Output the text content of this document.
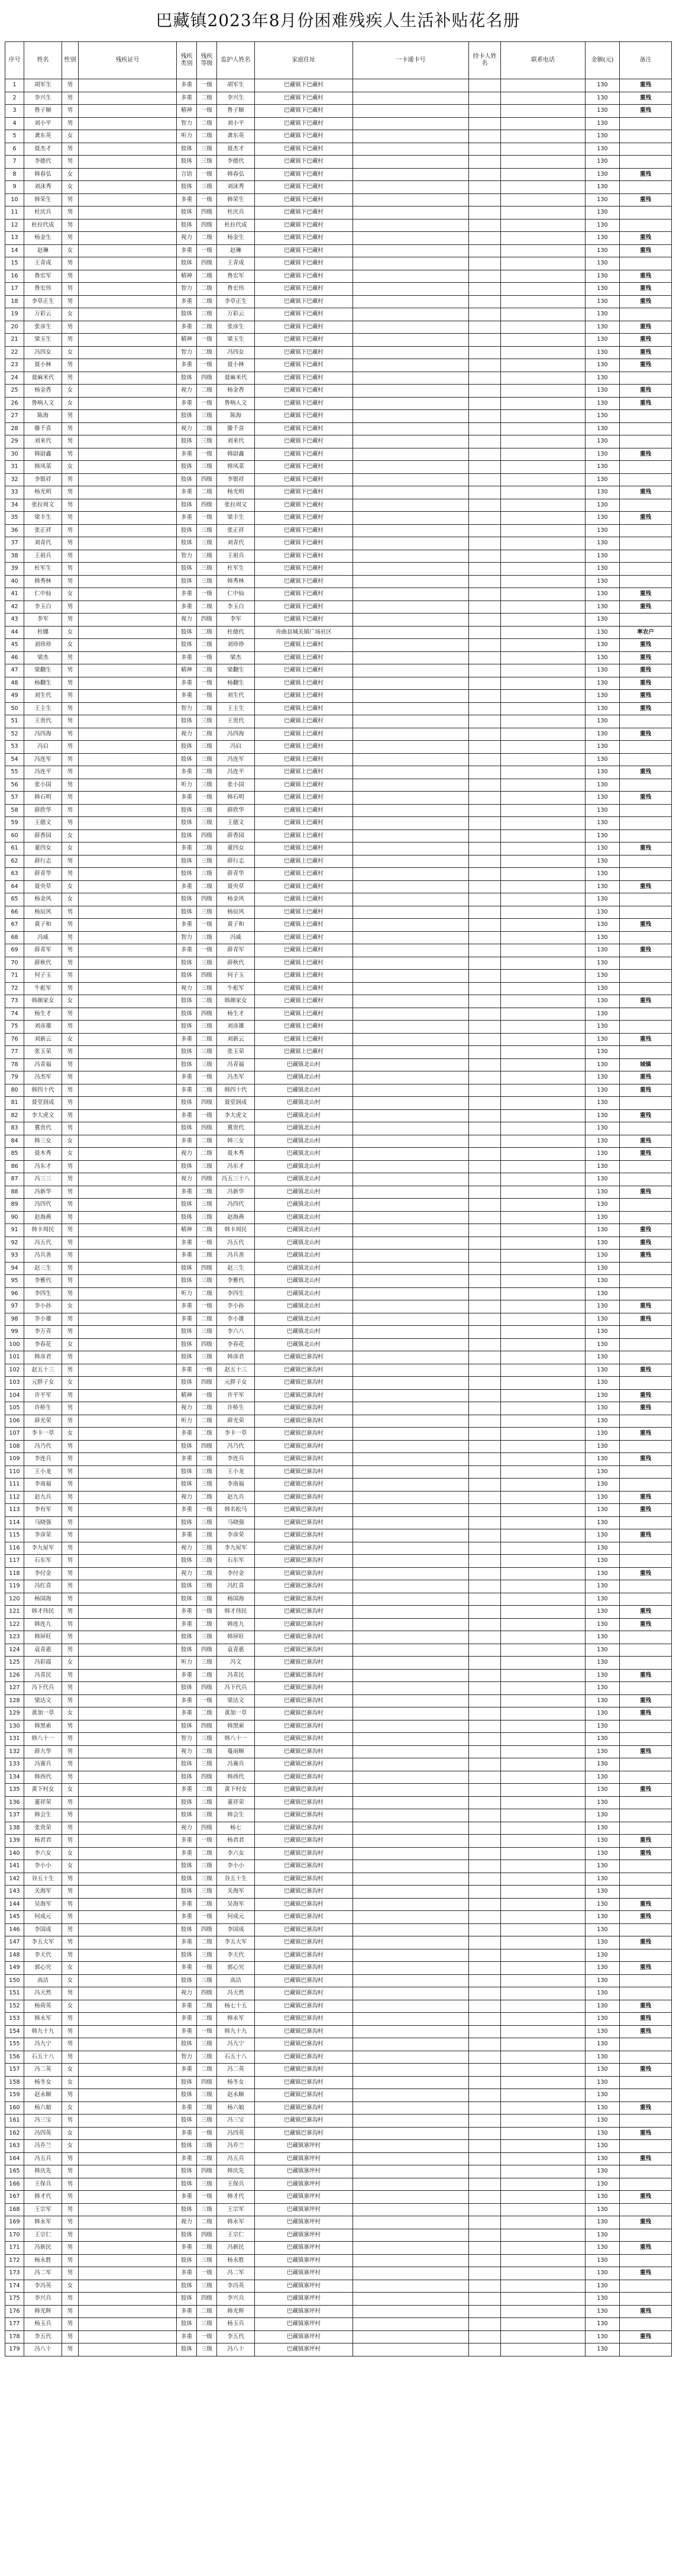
巴藏镇2023年8月份困难残疾人生活补贴花名册
序号	姓名	性别	残疾证号	残疾类别	残疾等级	监护人姓名	家庭住址	一卡通卡号	持卡人姓名	联系电话	金额(元)	备注
1	胡军生	男		多重	一级	胡军生	巴藏镇下巴藏村				130	重残
2	李兴生	男		多重	二级	李兴生	巴藏镇下巴藏村				130	重残
3	鲁子顺	男		精神	一级	鲁子顺	巴藏镇下巴藏村				130	重残
4	刘小平	男		智力	二级	刘小平	巴藏镇下巴藏村				130	
5	龚东英	女		听力	二级	龚东英	巴藏镇下巴藏村				130	
6	聂杰才	男		肢体	三级	聂杰才	巴藏镇下巴藏村				130	
7	李德代	男		肢体	三级	李德代	巴藏镇下巴藏村				130	
8	韩春弘	女		言语	一级	韩春弘	巴藏镇下巴藏村				130	重残
9	刘沫秀	女		肢体	三级	刘沫秀	巴藏镇下巴藏村				130	
10	韩荣生	男		多重	一级	韩荣生	巴藏镇下巴藏村				130	重残
11	杜庆兵	男		肢体	四级	杜庆兵	巴藏镇下巴藏村				130	
12	杜拉代成	男		肢体	四级	杜拉代成	巴藏镇下巴藏村				130	
13	杨金生	男		视力	二级	杨金生	巴藏镇下巴藏村				130	重残
14	赵琳	女		多重	一级	赵琳	巴藏镇下巴藏村				130	重残
15	王青成	男		肢体	四级	王青成	巴藏镇下巴藏村				130	
16	鲁宏军	男		精神	二级	鲁宏军	巴藏镇下巴藏村				130	重残
17	鲁宏伟	男		智力	二级	鲁宏伟	巴藏镇下巴藏村				130	重残
18	李草正生	男		多重	二级	李草正生	巴藏镇下巴藏村				130	重残
19	万彩云	女		肢体	三级	万彩云	巴藏镇下巴藏村				130	
20	张彦生	男		多重	二级	张彦生	巴藏镇下巴藏村				130	重残
21	梁玉生	男		精神	一级	梁玉生	巴藏镇下巴藏村				130	重残
22	冯四女	女		智力	二级	冯四女	巴藏镇下巴藏村				130	重残
23	聂小林	男		多重	一级	聂小林	巴藏镇下巴藏村				130	重残
24	聂麻米代	男		肢体	四级	聂麻米代	巴藏镇下巴藏村				130	
25	杨金香	女		视力	二级	杨金香	巴藏镇下巴藏村				130	重残
26	鲁响人文	女		多重	一级	鲁响人文	巴藏镇下巴藏村				130	重残
27	陈海	男		肢体	三级	陈海	巴藏镇下巴藏村				130	
28	滕千喜	男		视力	二级	滕千喜	巴藏镇下巴藏村				130	
29	刘来代	男		肢体	三级	刘来代	巴藏镇下巴藏村				130	
30	韩尉鑫	男		多重	一级	韩尉鑫	巴藏镇下巴藏村				130	重残
31	韩凤菜	女		肢体	三级	韩凤菜	巴藏镇下巴藏村				130	
32	李银祥	男		肢体	四级	李银祥	巴藏镇下巴藏村				130	
33	杨光明	男		多重	二级	杨光明	巴藏镇下巴藏村				130	重残
34	张拉周文	男		肢体	四级	张拉周文	巴藏镇下巴藏村				130	
35	梁丰生	男		多重	一级	梁丰生	巴藏镇下巴藏村				130	重残
36	张正祥	男		肢体	三级	张正祥	巴藏镇下巴藏村				130	
37	刘青代	男		肢体	三级	刘青代	巴藏镇下巴藏村				130	
38	王祖兵	男		智力	三级	王祖兵	巴藏镇下巴藏村				130	
39	杜军生	男		肢体	三级	杜军生	巴藏镇下巴藏村				130	
40	韩秀林	男		肢体	三级	韩秀林	巴藏镇下巴藏村				130	
41	仁中仙	女		多重	一级	仁中仙	巴藏镇下巴藏村				130	重残
42	李玉白	男		多重	二级	李玉白	巴藏镇下巴藏村				130	重残
43	李军	男		视力	四级	李军	巴藏镇下巴藏村				130	
44	杜娜	女		肢体	二级	杜德代	舟曲县城关镇广场社区				130	率农户
45	刘珍珍	女		肢体	二级	刘珍珍	巴藏镇上巴藏村				130	重残
46	梁杰	男		多重	一级	梁杰	巴藏镇上巴藏村				130	重残
47	梁翻生	男		精神	二级	梁翻生	巴藏镇上巴藏村				130	重残
48	杨翻生	男		多重	一级	杨翻生	巴藏镇上巴藏村				130	重残
49	刘生代	男		多重	一级	刘生代	巴藏镇上巴藏村				130	重残
50	王主生	男		智力	二级	王主生	巴藏镇上巴藏村				130	重残
51	王贵代	男		肢体	三级	王贵代	巴藏镇上巴藏村				130	
52	冯四海	男		视力	二级	冯四海	巴藏镇上巴藏村				130	重残
53	冯启	男		肢体	三级	冯启	巴藏镇上巴藏村				130	
54	冯连军	男		肢体	三级	冯连军	巴藏镇上巴藏村				130	
55	冯连平	男		多重	二级	冯连平	巴藏镇上巴藏村				130	重残
56	张小国	男		听力	三级	张小国	巴藏镇上巴藏村				130	
57	韩石明	男		多重	一级	韩石明	巴藏镇上巴藏村				130	重残
58	薛欣华	男		肢体	三级	薛欣华	巴藏镇上巴藏村				130	
59	王德文	男		肢体	三级	王德文	巴藏镇上巴藏村				130	
60	薛香园	女		肢体	四级	薛香园	巴藏镇上巴藏村				130	
61	董四女	女		多重	二级	董四女	巴藏镇上巴藏村				130	重残
62	薛行志	男		肢体	三级	薛行志	巴藏镇上巴藏村				130	
63	薛青华	男		肢体	三级	薛青华	巴藏镇上巴藏村				130	
64	聂央草	女		多重	二级	聂央草	巴藏镇上巴藏村				130	重残
65	杨金风	女		肢体	四级	杨金风	巴藏镇上巴藏村				130	
66	杨辰风	男		肢体	三级	杨辰风	巴藏镇上巴藏村				130	
67	黄子和	男		多重	一级	黄子和	巴藏镇上巴藏村				130	重残
68	冯威	男		智力	三级	冯威	巴藏镇上巴藏村				130	
69	薛青军	男		多重	一级	薛青军	巴藏镇上巴藏村				130	重残
70	薛秋代	男		肢体	三级	薛秋代	巴藏镇上巴藏村				130	
71	何子玉	男		肢体	四级	何子玉	巴藏镇上巴藏村				130	
72	牛彪军	男		视力	三级	牛彪军	巴藏镇上巴藏村				130	
73	韩颜家女	女		肢体	二级	韩颜家女	巴藏镇上巴藏村				130	重残
74	杨生才	男		肢体	四级	杨生才	巴藏镇上巴藏村				130	
75	刘彦雄	男		肢体	三级	刘彦雄	巴藏镇上巴藏村				130	
76	刘新云	女		多重	二级	刘新云	巴藏镇上巴藏村				130	重残
77	张玉荣	男		肢体	三级	张玉荣	巴藏镇上巴藏村				130	
78	冯青福	男		肢体	三级	冯青福	巴藏镇北山村				130	城镇
79	冯杰军	男		多重	一级	冯杰军	巴藏镇北山村				130	重残
80	韩四十代	男		多重	二级	韩四十代	巴藏镇北山村				130	重残
81	聂堂润成	男		肢体	四级	聂堂润成	巴藏镇北山村				130	
82	李大虎文	男		多重	一级	李大虎文	巴藏镇北山村				130	重残
83	冀贵代	男		肢体	四级	冀贵代	巴藏镇北山村				130	
84	韩三女	女		多重	二级	韩三女	巴藏镇北山村				130	重残
85	聂木秀	女		视力	二级	聂木秀	巴藏镇北山村				130	重残
86	冯东才	男		肢体	三级	冯东才	巴藏镇北山村				130	
87	冯三三	男		视力	四级	冯五三十八	巴藏镇北山村				130	
88	冯新华	男		多重	二级	冯新华	巴藏镇北山村				130	重残
89	冯四代	男		肢体	三级	冯四代	巴藏镇北山村				130	
90	赵海燕	男		肢体	三级	赵海燕	巴藏镇北山村				130	
91	韩卡周民	男		精神	二级	韩卡周民	巴藏镇北山村				130	重残
92	冯五代	男		多重	一级	冯五代	巴藏镇北山村				130	重残
93	冯兵善	男		多重	二级	冯兵善	巴藏镇北山村				130	重残
94	赵三生	男		肢体	四级	赵三生	巴藏镇北山村				130	
95	李雅代	男		肢体	三级	李雅代	巴藏镇北山村				130	
96	李四生	男		听力	二级	李四生	巴藏镇北山村				130	
97	李小孙	女		多重	一级	李小孙	巴藏镇北山村				130	重残
98	李小雄	男		多重	二级	李小雄	巴藏镇北山村				130	重残
99	李万青	男		肢体	三级	李六八	巴藏镇北山村				130	
100	李春花	女		肢体	四级	李春花	巴藏镇北山村				130	
101	韩彦君	男		肢体	三级	韩彦君	巴藏镇巴寨沟村				130	
102	赵五十三	男		多重	一级	赵五十三	巴藏镇巴寨沟村				130	重残
103	元胖子女	女		肢体	四级	元胖子女	巴藏镇巴寨沟村				130	
104	许平军	男		精神	一级	许平军	巴藏镇巴寨沟村				130	重残
105	许桥生	男		视力	二级	许桥生	巴藏镇巴寨沟村				130	重残
106	薛光荣	男		听力	二级	薛光荣	巴藏镇巴寨沟村				130	
107	李卡一草	女		多重	二级	李卡一草	巴藏镇巴寨沟村				130	重残
108	冯乃代	男		肢体	四级	冯乃代	巴藏镇巴寨沟村				130	
109	李连兵	男		多重	二级	李连兵	巴藏镇巴寨沟村				130	重残
110	王小龙	男		肢体	三级	王小龙	巴藏镇巴寨沟村				130	
111	李南福	男		肢体	三级	李南福	巴藏镇巴寨沟村				130	
112	赵九兵	男		视力	二级	赵九兵	巴藏镇巴寨沟村				130	重残
113	李有军	男		多重	一级	韩名松马	巴藏镇巴寨沟村				130	重残
114	马晓强	男		肢体	三级	马晓强	巴藏镇巴寨沟村				130	
115	李彦荣	男		多重	二级	李彦荣	巴藏镇巴寨沟村				130	重残
116	李九屋军	男		视力	三级	李九屋军	巴藏镇巴寨沟村				130	
117	石东军	男		肢体	三级	石东军	巴藏镇巴寨沟村				130	
118	李付金	男		视力	二级	李付金	巴藏镇巴寨沟村				130	重残
119	冯红喜	男		肢体	三级	冯红喜	巴藏镇巴寨沟村				130	
120	杨国海	男		肢体	三级	杨国海	巴藏镇巴寨沟村				130	
121	韩才伟民	男		多重	一级	韩才伟民	巴藏镇巴寨沟村				130	重残
122	韩连九	男		多重	二级	韩连九	巴藏镇巴寨沟村				130	重残
123	韩屏旺	男		肢体	三级	韩屏旺	巴藏镇巴寨沟村				130	
124	袁青惠	男		肢体	四级	袁青惠	巴藏镇巴寨沟村				130	
125	冯彩霞	女		听力	三级	冯文	巴藏镇巴寨沟村				130	
126	冯喜民	男		多重	二级	冯喜民	巴藏镇巴寨沟村				130	重残
127	冯下代兵	男		肢体	四级	冯下代兵	巴藏镇巴寨沟村				130	
128	梁达文	男		多重	一级	梁达文	巴藏镇巴寨沟村				130	重残
129	黄加一草	女		多重	二级	黄加一草	巴藏镇巴寨沟村				130	重残
130	韩黑索	男		肢体	四级	韩黑索	巴藏镇巴寨沟村				130	
131	韩八十一	男		智力	三级	韩八十一	巴藏镇巴寨沟村				130	
132	薛九华	男		视力	二级	蔓雨顺	巴藏镇巴寨沟村				130	重残
133	冯赛兵	男		肢体	三级	冯赛兵	巴藏镇巴寨沟村				130	
134	韩西代	男		肢体	四级	韩西代	巴藏镇巴寨沟村				130	
135	黄下村女	女		多重	二级	黄下村女	巴藏镇巴寨沟村				130	重残
136	董祥荣	男		肢体	三级	董祥荣	巴藏镇巴寨沟村				130	
137	韩会生	男		肢体	三级	韩会生	巴藏镇巴寨沟村				130	
138	张贵荣	男		视力	四级	杨七	巴藏镇巴寨沟村				130	
139	杨君君	男		多重	一级	杨君君	巴藏镇巴寨沟村				130	重残
140	李六女	女		多重	二级	李六女	巴藏镇巴寨沟村				130	重残
141	李小小	女		肢体	三级	李小小	巴藏镇巴寨沟村				130	
142	谷五十生	男		肢体	三级	谷五十生	巴藏镇巴寨沟村				130	
143	关海军	男		肢体	三级	关海军	巴藏镇巴寨沟村				130	
144	吴海军	男		多重	二级	吴海军	巴藏镇巴寨沟村				130	重残
145	何成元	男		多重	一级	何成元	巴藏镇巴寨沟村				130	重残
146	李国成	男		肢体	四级	李国成	巴藏镇巴寨沟村				130	
147	李五大军	男		多重	二级	李五大军	巴藏镇巴寨沟村				130	重残
148	李天代	男		肢体	三级	李天代	巴藏镇巴寨沟村				130	
149	郭心究	女		多重	一级	郭心究	巴藏镇巴寨沟村				130	重残
150	高洁	女		肢体	三级	高洁	巴藏镇巴寨沟村				130	
151	冯天然	男		视力	四级	冯天然	巴藏镇巴寨沟村				130	
152	杨荷英	女		多重	二级	杨七十五	巴藏镇巴寨沟村				130	重残
153	韩永军	男		多重	二级	韩永军	巴藏镇巴寨沟村				130	重残
154	韩九十九	男		多重	一级	韩九十九	巴藏镇巴寨沟村				130	重残
155	冯九宁	男		肢体	三级	冯九宁	巴藏镇巴寨沟村				130	
156	石五十八	男		智力	三级	石五十八	巴藏镇巴寨沟村				130	
157	冯二英	女		多重	二级	冯二英	巴藏镇巴寨沟村				130	重残
158	杨冬女	女		肢体	四级	杨冬女	巴藏镇巴寨沟村				130	
159	赵永顺	男		肢体	三级	赵永顺	巴藏镇巴寨沟村				130	
160	杨六娘	女		多重	二级	杨六娘	巴藏镇巴寨沟村				130	重残
161	冯三宝	男		肢体	三级	冯三宝	巴藏镇巴寨沟村				130	
162	冯四英	女		多重	一级	冯四英	巴藏镇巴寨沟村				130	重残
163	冯乔兰	女		肢体	三级	冯乔兰	巴藏镇寨坪村				130	
164	冯五兵	男		多重	二级	冯五兵	巴藏镇寨坪村				130	重残
165	韩庆先	男		肢体	四级	韩庆先	巴藏镇寨坪村				130	
166	王保兵	男		肢体	三级	王保兵	巴藏镇寨坪村				130	
167	韩才代	男		多重	一级	韩才代	巴藏镇寨坪村				130	重残
168	王宗军	男		肢体	三级	王宗军	巴藏镇寨坪村				130	
169	韩永军	男		视力	二级	韩永军	巴藏镇寨坪村				130	重残
170	王宗仁	男		肢体	四级	王宗仁	巴藏镇寨坪村				130	
171	冯新民	男		多重	二级	冯新民	巴藏镇寨坪村				130	重残
172	杨永胜	男		肢体	三级	杨永胜	巴藏镇寨坪村				130	
173	冯二军	男		多重	一级	冯二军	巴藏镇寨坪村				130	重残
174	李冯英	女		肢体	三级	李冯英	巴藏镇寨坪村				130	
175	李兴兵	男		肢体	四级	李兴兵	巴藏镇寨坪村				130	
176	韩光辉	男		多重	二级	韩光辉	巴藏镇寨坪村				130	重残
177	杨玉兵	男		肢体	三级	杨玉兵	巴藏镇寨坪村				130	
178	李五代	男		多重	一级	李五代	巴藏镇寨坪村				130	重残
179	冯八十	男		肢体	三级	冯八十	巴藏镇寨坪村				130	
